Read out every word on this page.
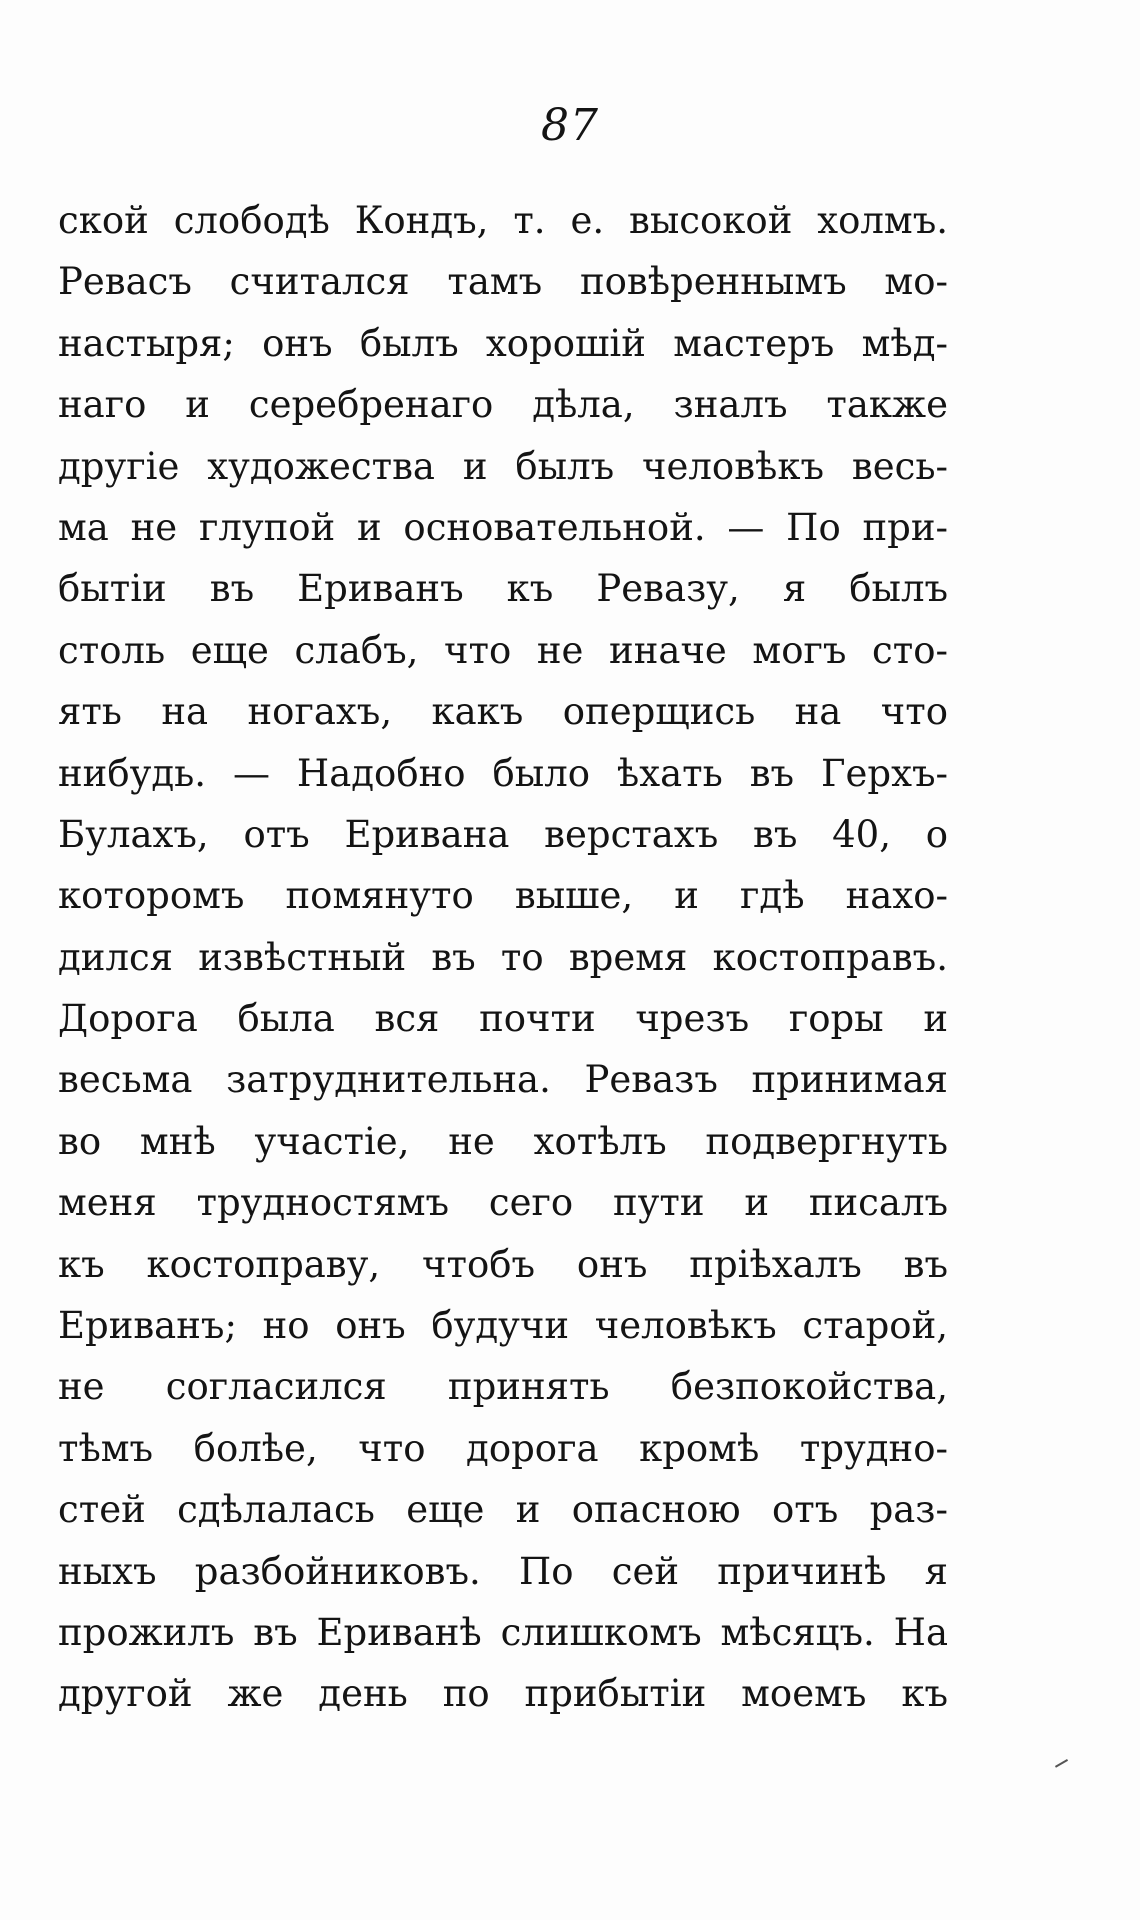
87
ской слободѣ Кондъ, т. е. высокой холмъ.
Ревасъ считался тамъ повѣреннымъ мо-
настыря; онъ былъ хорошій мастеръ мѣд-
наго и серебренаго дѣла, зналъ также
другіе художества и былъ человѣкъ весь-
ма не глупой и основательной. — По при-
бытіи въ Ериванъ къ Ревазу, я былъ
столь еще слабъ, что не иначе могъ сто-
ять на ногахъ, какъ оперщись на что
нибудь. — Надобно было ѣхать въ Герхъ-
Булахъ, отъ Еривана верстахъ въ 40, о
которомъ помянуто выше, и гдѣ нахо-
дился извѣстный въ то время костоправъ.
Дорога была вся почти чрезъ горы и
весьма затруднительна. Ревазъ принимая
во мнѣ участіе, не хотѣлъ подвергнуть
меня трудностямъ сего пути и писалъ
къ костоправу, чтобъ онъ пріѣхалъ въ
Ериванъ; но онъ будучи человѣкъ старой,
не согласился принять безпокойства,
тѣмъ болѣе, что дорога кромѣ трудно-
стей сдѣлалась еще и опасною отъ раз-
ныхъ разбойниковъ. По сей причинѣ я
прожилъ въ Ериванѣ слишкомъ мѣсяцъ. На
другой же день по прибытіи моемъ къ
